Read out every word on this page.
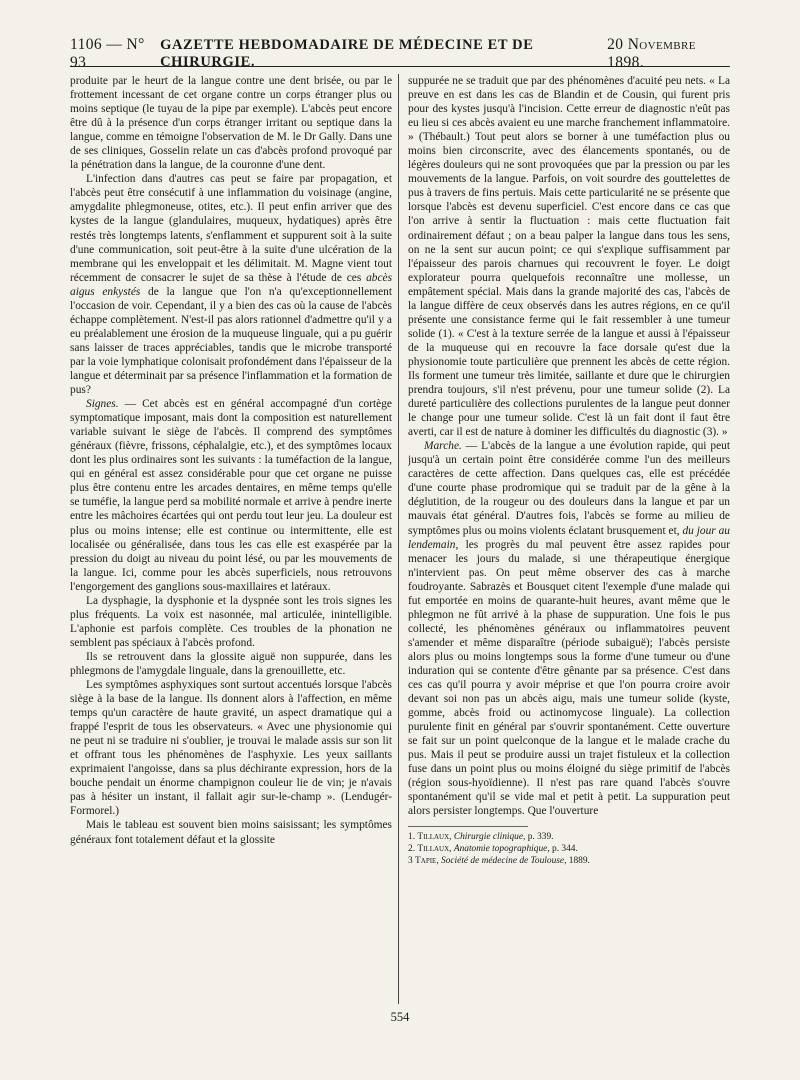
1106 — N° 93
GAZETTE HEBDOMADAIRE DE MÉDECINE ET DE CHIRURGIE.
20 Novembre 1898.

produite par le heurt de la langue contre une dent brisée, ou par le frottement incessant de cet organe contre un corps étranger plus ou moins septique (le tuyau de la pipe par exemple). L'abcès peut encore être dû à la présence d'un corps étranger irritant ou septique dans la langue, comme en témoigne l'observation de M. le Dr Gally. Dans une de ses cliniques, Gosselin relate un cas d'abcès profond provoqué par la pénétration dans la langue, de la couronne d'une dent.

L'infection dans d'autres cas peut se faire par propagation, et l'abcès peut être consécutif à une inflammation du voisinage (angine, amygdalite phlegmoneuse, otites, etc.). Il peut enfin arriver que des kystes de la langue (glandulaires, muqueux, hydatiques) après être restés très longtemps latents, s'enflamment et suppurent soit à la suite d'une communication, soit peut-être à la suite d'une ulcération de la membrane qui les enveloppait et les délimitait. M. Magne vient tout récemment de consacrer le sujet de sa thèse à l'étude de ces abcès aigus enkystés de la langue que l'on n'a qu'exceptionnellement l'occasion de voir. Cependant, il y a bien des cas où la cause de l'abcès échappe complètement. N'est-il pas alors rationnel d'admettre qu'il y a eu préalablement une érosion de la muqueuse linguale, qui a pu guérir sans laisser de traces appréciables, tandis que le microbe transporté par la voie lymphatique colonisait profondément dans l'épaisseur de la langue et déterminait par sa présence l'inflammation et la formation de pus?

Signes. — Cet abcès est en général accompagné d'un cortège symptomatique imposant, mais dont la composition est naturellement variable suivant le siège de l'abcès. Il comprend des symptômes généraux (fièvre, frissons, céphalalgie, etc.), et des symptômes locaux dont les plus ordinaires sont les suivants : la tuméfaction de la langue, qui en général est assez considérable pour que cet organe ne puisse plus être contenu entre les arcades dentaires, en même temps qu'elle se tuméfie, la langue perd sa mobilité normale et arrive à pendre inerte entre les mâchoires écartées qui ont perdu tout leur jeu. La douleur est plus ou moins intense; elle est continue ou intermittente, elle est localisée ou généralisée, dans tous les cas elle est exaspérée par la pression du doigt au niveau du point lésé, ou par les mouvements de la langue. Ici, comme pour les abcès superficiels, nous retrouvons l'engorgement des ganglions sous-maxillaires et latéraux.

La dysphagie, la dysphonie et la dyspnée sont les trois signes les plus fréquents. La voix est nasonnée, mal articulée, inintelligible. L'aphonie est parfois complète. Ces troubles de la phonation ne semblent pas spéciaux à l'abcès profond.

Ils se retrouvent dans la glossite aiguë non suppurée, dans les phlegmons de l'amygdale linguale, dans la grenouillette, etc.

Les symptômes asphyxiques sont surtout accentués lorsque l'abcès siège à la base de la langue. Ils donnent alors à l'affection, en même temps qu'un caractère de haute gravité, un aspect dramatique qui a frappé l'esprit de tous les observateurs. « Avec une physionomie qui ne peut ni se traduire ni s'oublier, je trouvai le malade assis sur son lit et offrant tous les phénomènes de l'asphyxie. Les yeux saillants exprimaient l'angoisse, dans sa plus déchirante expression, hors de la bouche pendait un énorme champignon couleur lie de vin; je n'avais pas à hésiter un instant, il fallait agir sur-le-champ ». (Lendugér-Formorel.)

Mais le tableau est souvent bien moins saisissant; les symptômes généraux font totalement défaut et la glossite

suppurée ne se traduit que par des phénomènes d'acuité peu nets. « La preuve en est dans les cas de Blandin et de Cousin, qui furent pris pour des kystes jusqu'à l'incision. Cette erreur de diagnostic n'eût pas eu lieu si ces abcès avaient eu une marche franchement inflammatoire. » (Thébault.) Tout peut alors se borner à une tuméfaction plus ou moins bien circonscrite, avec des élancements spontanés, ou de légères douleurs qui ne sont provoquées que par la pression ou par les mouvements de la langue. Parfois, on voit sourdre des gouttelettes de pus à travers de fins pertuis. Mais cette particularité ne se présente que lorsque l'abcès est devenu superficiel. C'est encore dans ce cas que l'on arrive à sentir la fluctuation : mais cette fluctuation fait ordinairement défaut ; on a beau palper la langue dans tous les sens, on ne la sent sur aucun point; ce qui s'explique suffisamment par l'épaisseur des parois charnues qui recouvrent le foyer. Le doigt explorateur pourra quelquefois reconnaître une mollesse, un empâtement spécial. Mais dans la grande majorité des cas, l'abcès de la langue diffère de ceux observés dans les autres régions, en ce qu'il présente une consistance ferme qui le fait ressembler à une tumeur solide (1). « C'est à la texture serrée de la langue et aussi à l'épaisseur de la muqueuse qui en recouvre la face dorsale qu'est due la physionomie toute particulière que prennent les abcès de cette région. Ils forment une tumeur très limitée, saillante et dure que le chirurgien prendra toujours, s'il n'est prévenu, pour une tumeur solide (2). La dureté particulière des collections purulentes de la langue peut donner le change pour une tumeur solide. C'est là un fait dont il faut être averti, car il est de nature à dominer les difficultés du diagnostic (3). »

Marche. — L'abcès de la langue a une évolution rapide, qui peut jusqu'à un certain point être considérée comme l'un des meilleurs caractères de cette affection. Dans quelques cas, elle est précédée d'une courte phase prodromique qui se traduit par de la gêne à la déglutition, de la rougeur ou des douleurs dans la langue et par un mauvais état général. D'autres fois, l'abcès se forme au milieu de symptômes plus ou moins violents éclatant brusquement et, du jour au lendemain, les progrès du mal peuvent être assez rapides pour menacer les jours du malade, si une thérapeutique énergique n'intervient pas. On peut même observer des cas à marche foudroyante. Sabrazès et Bousquet citent l'exemple d'une malade qui fut emportée en moins de quarante-huit heures, avant même que le phlegmon ne fût arrivé à la phase de suppuration. Une fois le pus collecté, les phénomènes généraux ou inflammatoires peuvent s'amender et même disparaître (période subaiguë); l'abcès persiste alors plus ou moins longtemps sous la forme d'une tumeur ou d'une induration qui se contente d'être gênante par sa présence. C'est dans ces cas qu'il pourra y avoir méprise et que l'on pourra croire avoir devant soi non pas un abcès aigu, mais une tumeur solide (kyste, gomme, abcès froid ou actinomycose linguale). La collection purulente finit en général par s'ouvrir spontanément. Cette ouverture se fait sur un point quelconque de la langue et le malade crache du pus. Mais il peut se produire aussi un trajet fistuleux et la collection fuse dans un point plus ou moins éloigné du siège primitif de l'abcès (région sous-hyoïdienne). Il n'est pas rare quand l'abcès s'ouvre spontanément qu'il se vide mal et petit à petit. La suppuration peut alors persister longtemps. Que l'ouverture

1. Tillaux, Chirurgie clinique, p. 339.
2. Tillaux, Anatomie topographique, p. 344.
3 Tapie, Société de médecine de Toulouse, 1889.
554
